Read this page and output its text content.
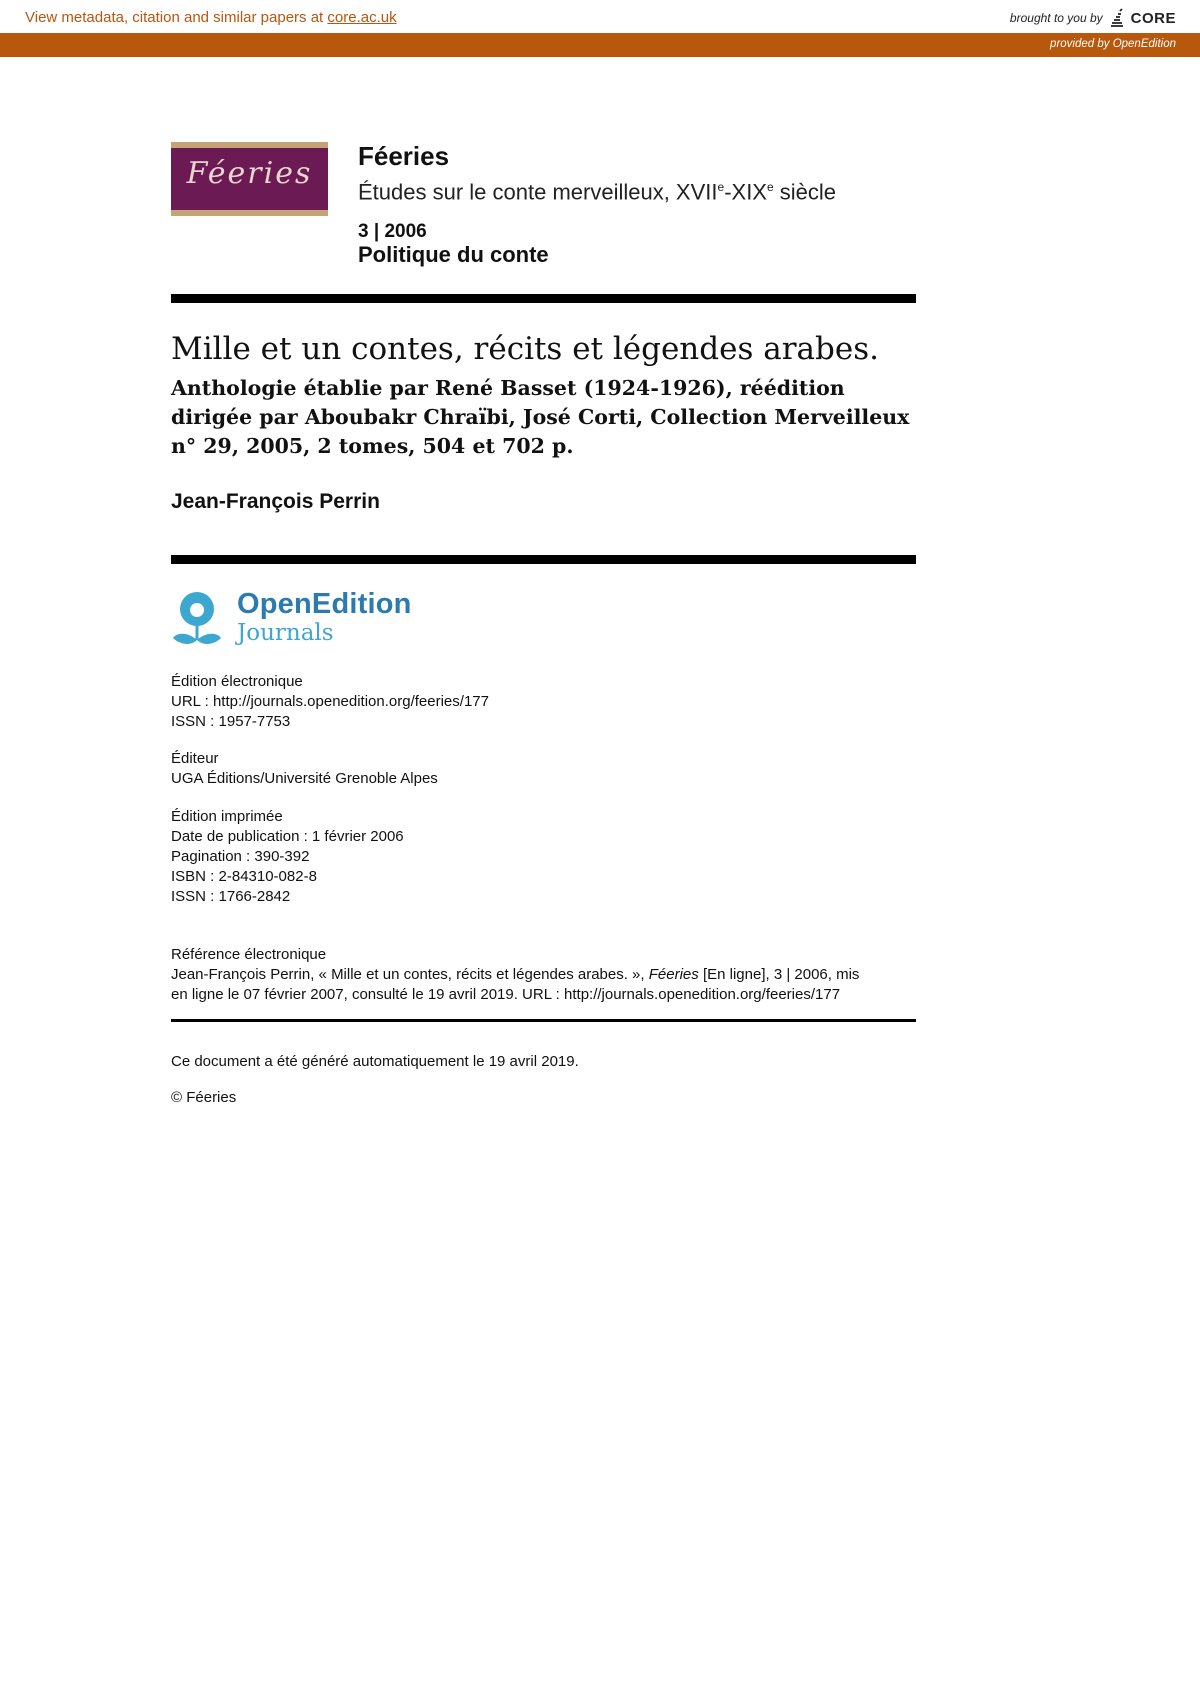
View metadata, citation and similar papers at core.ac.uk	brought to you by CORE
provided by OpenEdition
Féeries	Féeries
Études sur le conte merveilleux, XVIIe-XIXe siècle
3 | 2006
Politique du conte
Mille et un contes, récits et légendes arabes.
Anthologie établie par René Basset (1924-1926), réédition dirigée par Aboubakr Chraïbi, José Corti, Collection Merveilleux n° 29, 2005, 2 tomes, 504 et 702 p.
Jean-François Perrin
OpenEdition
Journals
Édition électronique
URL : http://journals.openedition.org/feeries/177
ISSN : 1957-7753
Éditeur
UGA Éditions/Université Grenoble Alpes
Édition imprimée
Date de publication : 1 février 2006
Pagination : 390-392
ISBN : 2-84310-082-8
ISSN : 1766-2842
Référence électronique
Jean-François Perrin, « Mille et un contes, récits et légendes arabes. », Féeries [En ligne], 3 | 2006, mis
en ligne le 07 février 2007, consulté le 19 avril 2019. URL : http://journals.openedition.org/feeries/177
Ce document a été généré automatiquement le 19 avril 2019.
© Féeries
